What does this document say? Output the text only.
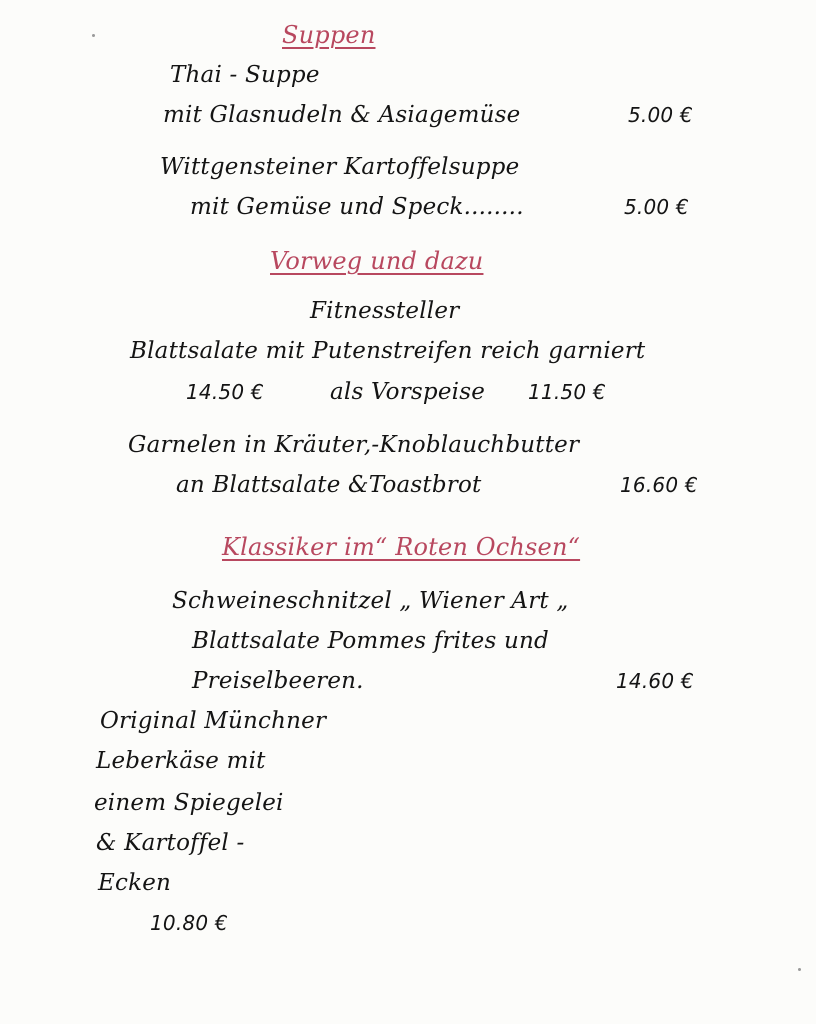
Suppen
Thai - Suppe
mit Glasnudeln & Asiagemüse	5.00 €
Wittgensteiner Kartoffelsuppe
mit Gemüse und Speck........	5.00 €
Vorweg und dazu
Fitnessteller
Blattsalate mit Putenstreifen reich garniert
14.50 €	als Vorspeise 11.50 €
Garnelen in Kräuter,-Knoblauchbutter
an Blattsalate &Toastbrot	16.60 €
Klassiker im“ Roten Ochsen“
Schweineschnitzel „ Wiener Art „
Blattsalate Pommes frites und
Preiselbeeren.	14.60 €
Original Münchner
Leberkäse mit
einem Spiegelei
& Kartoffel -
Ecken
10.80 €
